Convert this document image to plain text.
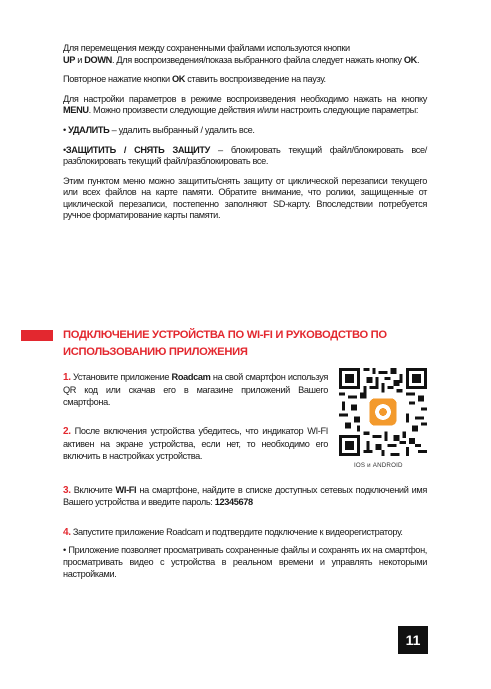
Для перемещения между сохраненными файлами используются кнопки
UP и DOWN. Для воспроизведения/показа выбранного файла следует нажать кнопку OK.

Повторное нажатие кнопки OK ставить воспроизведение на паузу.

Для настройки параметров в режиме воспроизведения необходимо нажать на кнопку MENU. Можно произвести следующие действия и/или настроить следующие параметры:

• УДАЛИТЬ – удалить выбранный / удалить все.

•ЗАЩИТИТЬ / СНЯТЬ ЗАЩИТУ – блокировать текущий файл/блокировать все/ разблокировать текущий файл/разблокировать все.

Этим пунктом меню можно защитить/снять защиту от циклической перезаписи текущего или всех файлов на карте памяти. Обратите внимание, что ролики, защищенные от циклической перезаписи, постепенно заполняют SD-карту. Впоследствии потребуется ручное форматирование карты памяти.

ПОДКЛЮЧЕНИЕ УСТРОЙСТВА ПО WI-FI И РУКОВОДСТВО ПО ИСПОЛЬЗОВАНИЮ ПРИЛОЖЕНИЯ
1. Установите приложение Roadcam на свой смартфон используя QR код или скачав его в магазине приложений Вашего смартфона.
2. После включения устройства убедитесь, что индикатор WI-FI активен на экране устройства, если нет, то необходимо его включить в настройках устройства.
IOS и ANDROID
3. Включите WI-FI на смартфоне, найдите в списке доступных сетевых подключений имя Вашего устройства и введите пароль: 12345678
4. Запустите приложение Roadcam и подтвердите подключение к видеорегистратору.
• Приложение позволяет просматривать сохраненные файлы и сохранять их на смартфон, просматривать видео с устройства в реальном времени и управлять некоторыми настройками.
11
